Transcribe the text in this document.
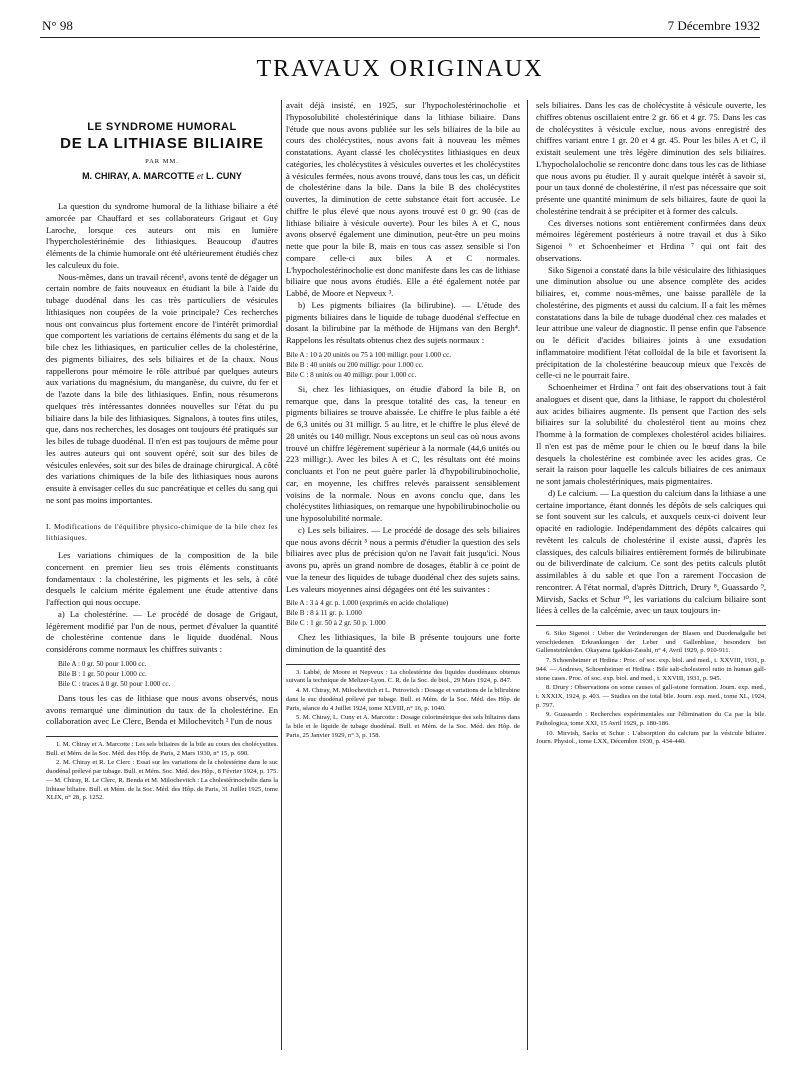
N° 98	7 Décembre 1932
TRAVAUX ORIGINAUX
LE SYNDROME HUMORAL
DE LA LITHIASE BILIAIRE
PAR MM.
M. CHIRAY, A. MARCOTTE et L. CUNY

La question du syndrome humoral de la lithiase biliaire a été amorcée par Chauffard et ses collaborateurs Grigaut et Guy Laroche, lorsque ces auteurs ont mis en lumière l'hypercholestérinémie des lithiasiques. Beaucoup d'autres éléments de la chimie humorale ont été ultérieurement étudiés chez les calculeux du foie.

Nous-mêmes, dans un travail récent¹, avons tenté de dégager un certain nombre de faits nouveaux en étudiant la bile à l'aide du tubage duodénal dans les cas très particuliers de vésicules lithiasiques non coupées de la voie principale? Ces recherches nous ont convaincus plus fortement encore de l'intérêt primordial que comportent les variations de certains éléments du sang et de la bile chez les lithiasiques, en particulier celles de la cholestérine, des pigments biliaires, des sels biliaires et de la chaux. Nous rappellerons pour mémoire le rôle attribué par quelques auteurs aux variations du magnésium, du manganèse, du cuivre, du fer et de l'azote dans la bile des lithiasiques. Enfin, nous résumerons quelques très intéressantes données nouvelles sur l'état du pu biliaire dans la bile des lithiasiques. Signalons, à toutes fins utiles, que, dans nos recherches, les dosages ont toujours été pratiqués sur les biles de tubage duodénal. Il n'en est pas toujours de même pour les autres auteurs qui ont souvent opéré, soit sur des biles de vésicules enlevées, soit sur des biles de drainage chirurgical. A côté des variations chimiques de la bile des lithiasiques nous aurons ensuite à envisager celles du suc pancréatique et celles du sang qui ne sont pas moins importantes.

I. Modifications de l'équilibre physico-chimique de la bile chez les lithiasiques.

Les variations chimiques de la composition de la bile concernent en premier lieu ses trois éléments constituants fondamentaux : la cholestérine, les pigments et les sels, à côté desquels le calcium mérite également une étude attentive dans l'affection qui nous occupe.

a) La cholestérine. — Le procédé de dosage de Grigaut, légèrement modifié par l'un de nous, permet d'évaluer la quantité de cholestérine contenue dans le liquide duodénal. Nous considérons comme normaux les chiffres suivants :

Bile A : 0 gr. 50 pour 1.000 cc.
Bile B : 1 gr. 50 pour 1.000 cc.
Bile C : traces à 0 gr. 50 pour 1.000 cc.

Dans tous les cas de lithiase que nous avons observés, nous avons remarqué une diminution du taux de la cholestérine. En collaboration avec Le Clerc, Benda et Milochevitch ² l'un de nous

1. M. Chiray et A. Marcotte : Les sels biliaires de la bile au cours des cholécystites. Bull. et Mém. de la Soc. Méd. des Hôp. de Paris, 2 Mars 1930, n° 15, p. 690.

2. M. Chiray et R. Le Clerc : Essai sur les variations de la cholestérine dans le suc duodénal prélevé par tubage. Bull. et Mém. Soc. Méd. des Hôp., 8 Février 1924, p. 175. — M. Chiray, R. Le Clerc, R. Benda et M. Milochevitch : La cholestérinocholie dans la lithiase biliaire. Bull. et Mém. de la Soc. Méd. des Hôp. de Paris, 31 Juillet 1925, tome XLIX, n° 28, p. 1252.

avait déjà insisté, en 1925, sur l'hypocholestérinocholie et l'hyposolubilité cholestérinique dans la lithiase biliaire. Dans l'étude que nous avons publiée sur les sels biliaires de la bile au cours des cholécystites, nous avons fait à nouveau les mêmes constatations. Ayant classé les cholécystites lithiasiques en deux catégories, les cholécystites à vésicules ouvertes et les cholécystites à vésicules fermées, nous avons trouvé, dans tous les cas, un déficit de cholestérine dans la bile. Dans la bile B des cholécystites ouvertes, la diminution de cette substance était fort accusée. Le chiffre le plus élevé que nous ayons trouvé est 0 gr. 90 (cas de lithiase biliaire à vésicule ouverte). Pour les biles A et C, nous avons observé également une diminution, peut-être un peu moins nette que pour la bile B, mais en tous cas assez sensible si l'on compare celle-ci aux biles A et C normales. L'hypocholestérinocholie est donc manifeste dans les cas de lithiase biliaire que nous avons étudiés. Elle a été également notée par Labbé, de Moore et Nepveux ³.

b) Les pigments biliaires (la bilirubine). — L'étude des pigments biliaires dans le liquide de tubage duodénal s'effectue en dosant la bilirubine par la méthode de Hijmans van den Bergh⁴. Rappelons les résultats obtenus chez des sujets normaux :

Bile A : 10 à 20 unités ou 75 à 100 milligr. pour 1.000 cc.
Bile B : 40 unités ou 200 milligr. pour 1.000 cc.
Bile C : 8 unités ou 40 milligr. pour 1.000 cc.

Si, chez les lithiasiques, on étudie d'abord la bile B, on remarque que, dans la presque totalité des cas, la teneur en pigments biliaires se trouve abaissée. Le chiffre le plus faible a été de 6,3 unités ou 31 milligr. 5 au litre, et le chiffre le plus élevé de 28 unités ou 140 milligr. Nous exceptons un seul cas où nous avons trouvé un chiffre légèrement supérieur à la normale (44,6 unités ou 223 milligr.). Avec les biles A et C, les résultats ont été moins concluants et l'on ne peut guère parler là d'hypobilirubinocholie, car, en moyenne, les chiffres relevés paraissent sensiblement voisins de la normale. Nous en avons conclu que, dans les cholécystites lithiasiques, on remarque une hypobilirubinocholie ou une hyposolubilité normale.

c) Les sels biliaires. — Le procédé de dosage des sels biliaires que nous avons décrit ⁵ nous a permis d'étudier la question des sels biliaires avec plus de précision qu'on ne l'avait fait jusqu'ici. Nous avons pu, après un grand nombre de dosages, établir à ce point de vue la teneur des liquides de tubage duodénal chez des sujets sains. Les valeurs moyennes ainsi dégagées ont été les suivantes :

Bile A : 3 à 4 gr. p. 1.000 (exprimés en acide cholalique)
Bile B : 8 à 11 gr. p. 1.000
Bile C : 1 gr. 50 à 2 gr. 50 p. 1.000

Chez les lithiasiques, la bile B présente toujours une forte diminution de la quantité des

3. Labbé, de Moore et Nepveux : La cholestérine des liquides duodénaux obtenus suivant la technique de Meltzer-Lyon. C. R. de la Soc. de biol., 29 Mars 1924, p. 847.

4. M. Chiray, M. Milochevitch et L. Petrovitch : Dosage et variations de la bilirubine dans le suc duodénal prélevé par tubage. Bull. et Mém. de la Soc. Méd. des Hôp. de Paris, séance du 4 Juillet 1924, tome XLVIII, n° 16, p. 1040.

5. M. Chiray, L. Cuny et A. Marcotte : Dosage colorimétrique des sels biliaires dans la bile et le liquide de tubage duodénal. Bull. et Mém. de la Soc. Méd. des Hôp. de Paris, 25 Janvier 1929, n° 3, p. 158.

sels biliaires. Dans les cas de cholécystite à vésicule ouverte, les chiffres obtenus oscillaient entre 2 gr. 66 et 4 gr. 75. Dans les cas de cholécystites à vésicule exclue, nous avons enregistré des chiffres variant entre 1 gr. 20 et 4 gr. 45. Pour les biles A et C, il existait seulement une très légère diminution des sels biliaires. L'hypocholalocholie se rencontre donc dans tous les cas de lithiase que nous avons pu étudier. Il y aurait quelque intérêt à savoir si, pour un taux donné de cholestérine, il n'est pas nécessaire que soit présente une quantité minimum de sels biliaires, faute de quoi la cholestérine tendrait à se précipiter et à former des calculs.

Ces diverses notions sont entièrement confirmées dans deux mémoires légèrement postérieurs à notre travail et dus à Siko Sigenoi ⁶ et Schoenheimer et Hrdina ⁷ qui ont fait des observations.

Siko Sigenoi a constaté dans la bile vésiculaire des lithiasiques une diminution absolue ou une absence complète des acides biliaires, et, comme nous-mêmes, une baisse parallèle de la cholestérine, des pigments et aussi du calcium. Il a fait les mêmes constatations dans la bile de tubage duodénal chez ces malades et leur attribue une valeur de diagnostic. Il pense enfin que l'absence ou le déficit d'acides biliaires joints à une exsudation inflammatoire modifient l'état colloïdal de la bile et favorisent la précipitation de la cholestérine beaucoup mieux que l'excès de celle-ci ne le pourrait faire.

Schoenheimer et Hrdina ⁷ ont fait des observations tout à fait analogues et disent que, dans la lithiase, le rapport du cholestérol aux acides biliaires augmente. Ils pensent que l'action des sels biliaires sur la solubilité du cholestérol tient au moins chez l'homme à la formation de complexes cholestérol acides biliaires. Il n'en est pas de même pour le chien ou le bœuf dans la bile desquels la cholestérine est combinée avec les acides gras. Ce serait la raison pour laquelle les calculs biliaires de ces animaux ne sont jamais cholestériniques, mais pigmentaires.

d) Le calcium. — La question du calcium dans la lithiase a une certaine importance, étant donnés les dépôts de sels calciques qui se font souvent sur les calculs, et auxquels ceux-ci doivent leur opacité en radiologie. Indépendamment des dépôts calcaires qui revêtent les calculs de cholestérine il existe aussi, d'après les classiques, des calculs biliaires entièrement formés de bilirubinate ou de biliverdinate de calcium. Ce sont des petits calculs plutôt assimilables à du sable et que l'on a rarement l'occasion de rencontrer. A l'état normal, d'après Dittrich, Drury ⁸, Guassardo ⁹, Mirvish, Sacks et Schur ¹⁰, les variations du calcium biliaire sont liées à celles de la calcémie, avec un taux toujours in-

6. Siko Sigenoi : Ueber die Veränderungen der Blasen und Duodenalgalle bei verschiedenen Erkrankungen der Leber und Gallenblase, besonders bei Gallensteinleiden. Okayama Igakkai-Zasshi, n° 4, Avril 1929, p. 910-911.

7. Schoenheimer et Hrdina : Proc. of soc. exp. biol. and med., t. XXVIII, 1931, p. 944. — Andrews, Schoenheimer et Hrdina : Bile salt-cholesterol ratio in human gall-stone cases. Proc. of soc. exp. biol. and med., t. XXVIII, 1931, p. 945.

8. Drury : Observations on some causes of gall-stone formation. Journ. exp. med., t. XXXIX, 1924, p. 403. — Studies on the total bile. Journ. exp. med., tome XL, 1924, p. 797.

9. Guassardo : Recherches expérimentales sur l'élimination du Ca par la bile. Pathologica, tome XXI, 15 Avril 1929, p. 180-186.

10. Mirvish, Sacks et Schur : L'absorption du calcium par la vésicule biliaire. Journ. Physiol., tome LXX, Décembre 1930, p. 434-440.
